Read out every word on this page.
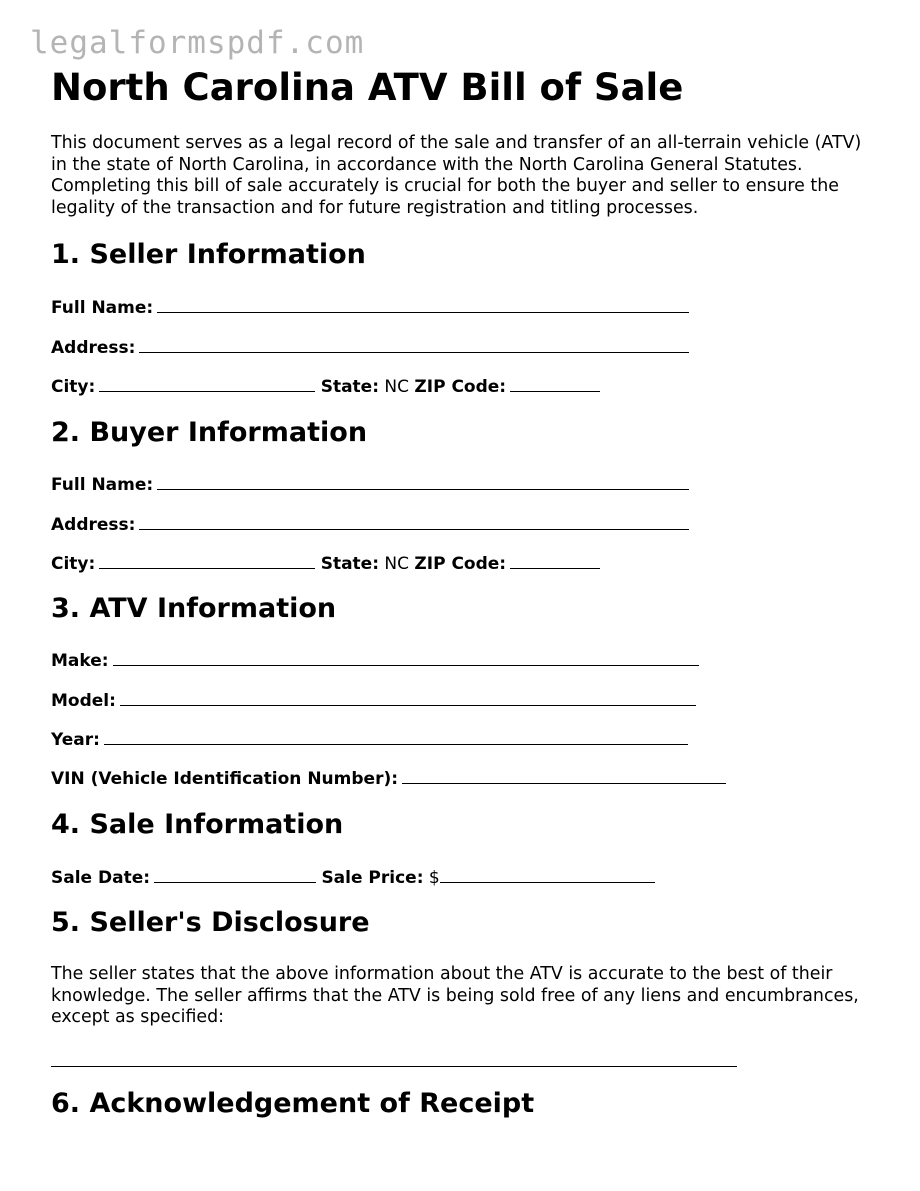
legalformspdf.com
North Carolina ATV Bill of Sale

This document serves as a legal record of the sale and transfer of an all-terrain vehicle (ATV) in the state of North Carolina, in accordance with the North Carolina General Statutes. Completing this bill of sale accurately is crucial for both the buyer and seller to ensure the legality of the transaction and for future registration and titling processes.

1. Seller Information
Full Name:
Address:
City:	State: NC ZIP Code:
2. Buyer Information
Full Name:
Address:
City:	State: NC ZIP Code:
3. ATV Information
Make:
Model:
Year:
VIN (Vehicle Identification Number):
4. Sale Information
Sale Date:	Sale Price: $
5. Seller's Disclosure

The seller states that the above information about the ATV is accurate to the best of their knowledge. The seller affirms that the ATV is being sold free of any liens and encumbrances, except as specified:

6. Acknowledgement of Receipt
